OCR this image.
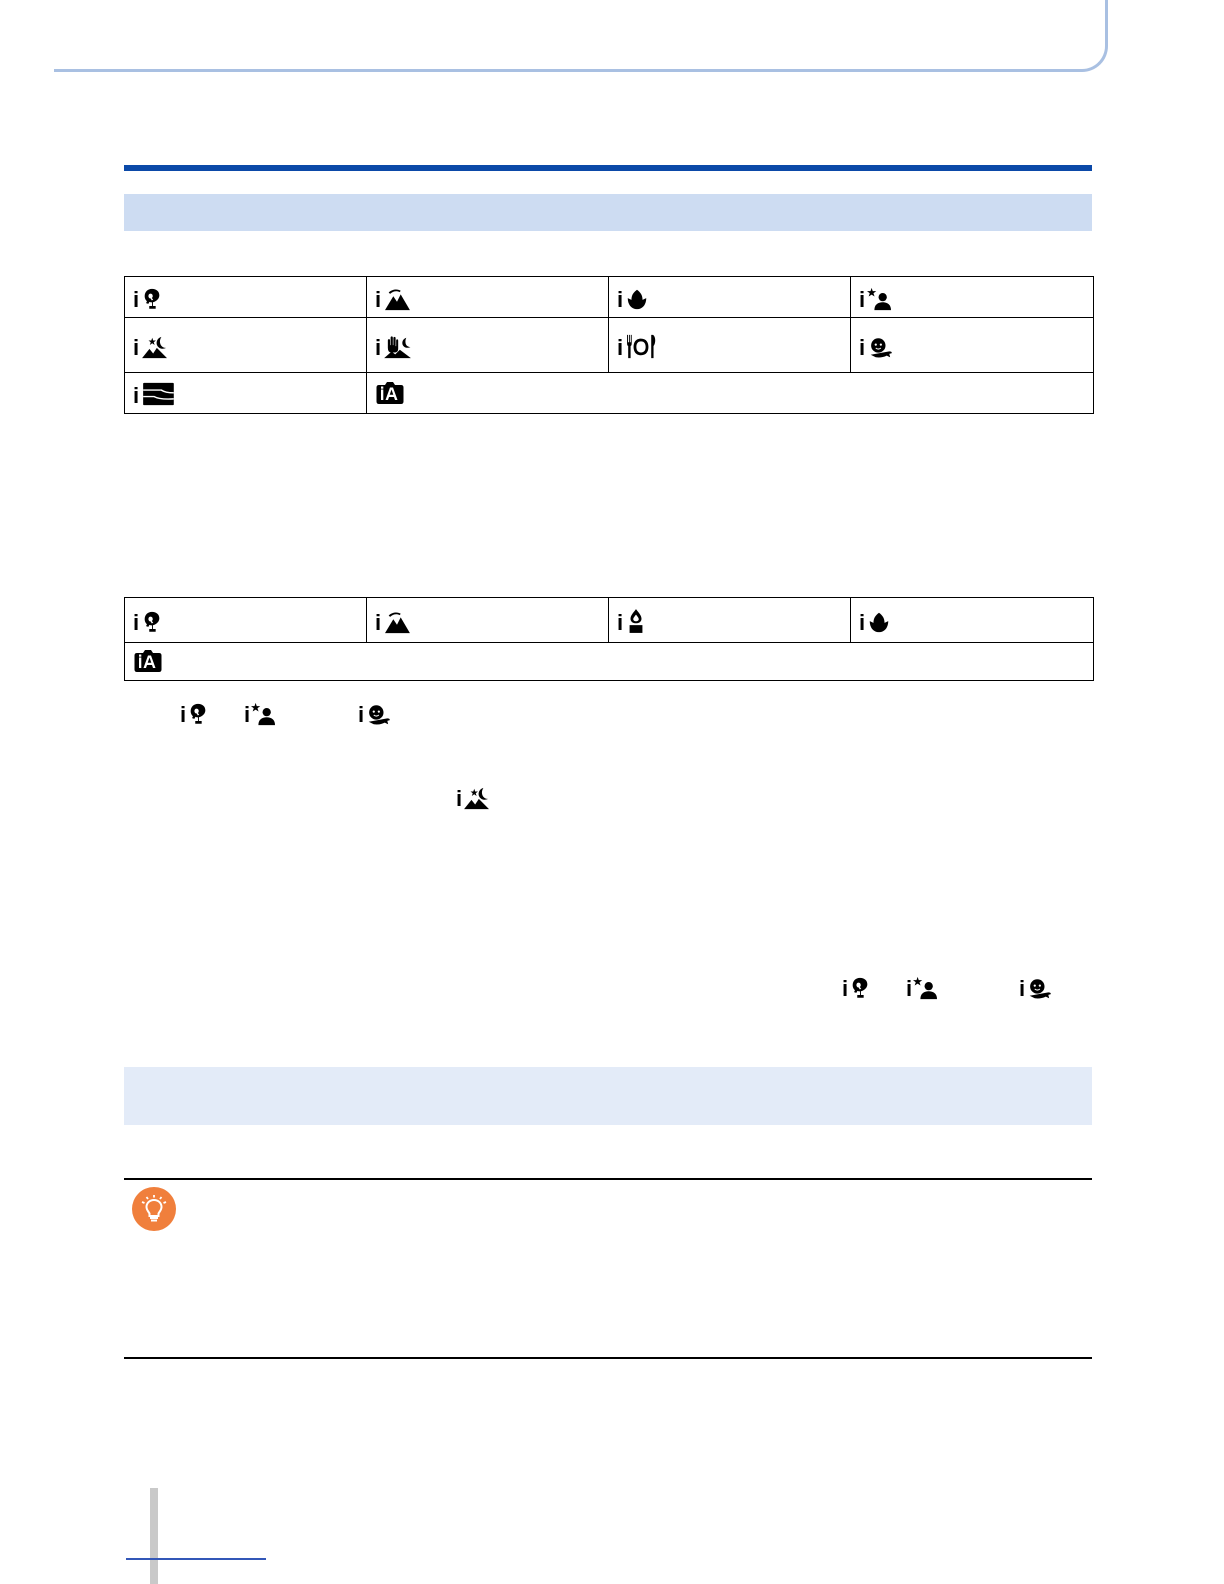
i	i	i	i

i	i	i	i

i

i	i	i	i

i	i	i
i
i	i	i
